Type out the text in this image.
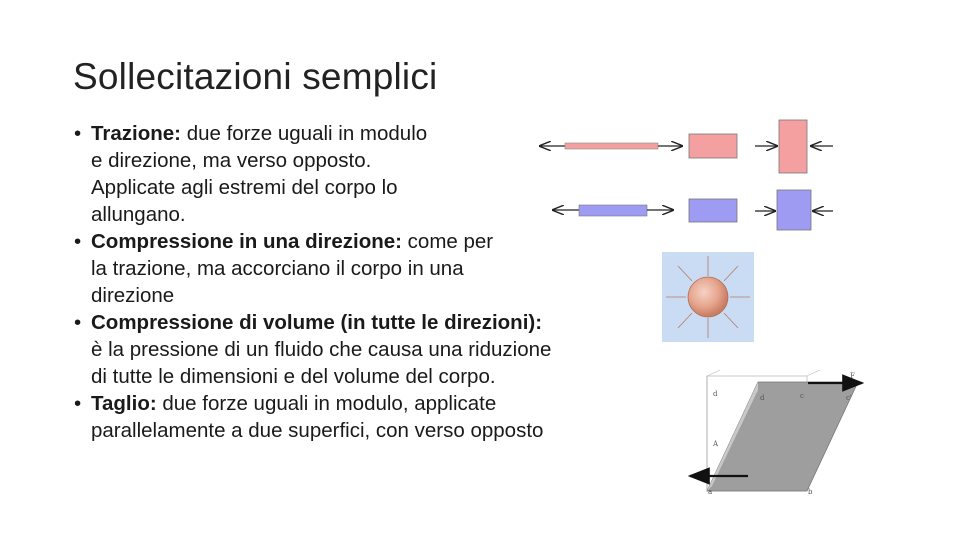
Sollecitazioni semplici
• Trazione: due forze uguali in modulo
e direzione, ma verso opposto.
Applicate agli estremi del corpo lo
allungano.
• Compressione in una direzione: come per
la trazione, ma accorciano il corpo in una
direzione
• Compressione di volume (in tutte le direzioni):
è la pressione di un fluido che causa una riduzione
di tutte le dimensioni e del volume del corpo.
• Taglio: due forze uguali in modulo, applicate
parallelamente a due superfici, con verso opposto
d	d	c	c'
F
b
a
A
